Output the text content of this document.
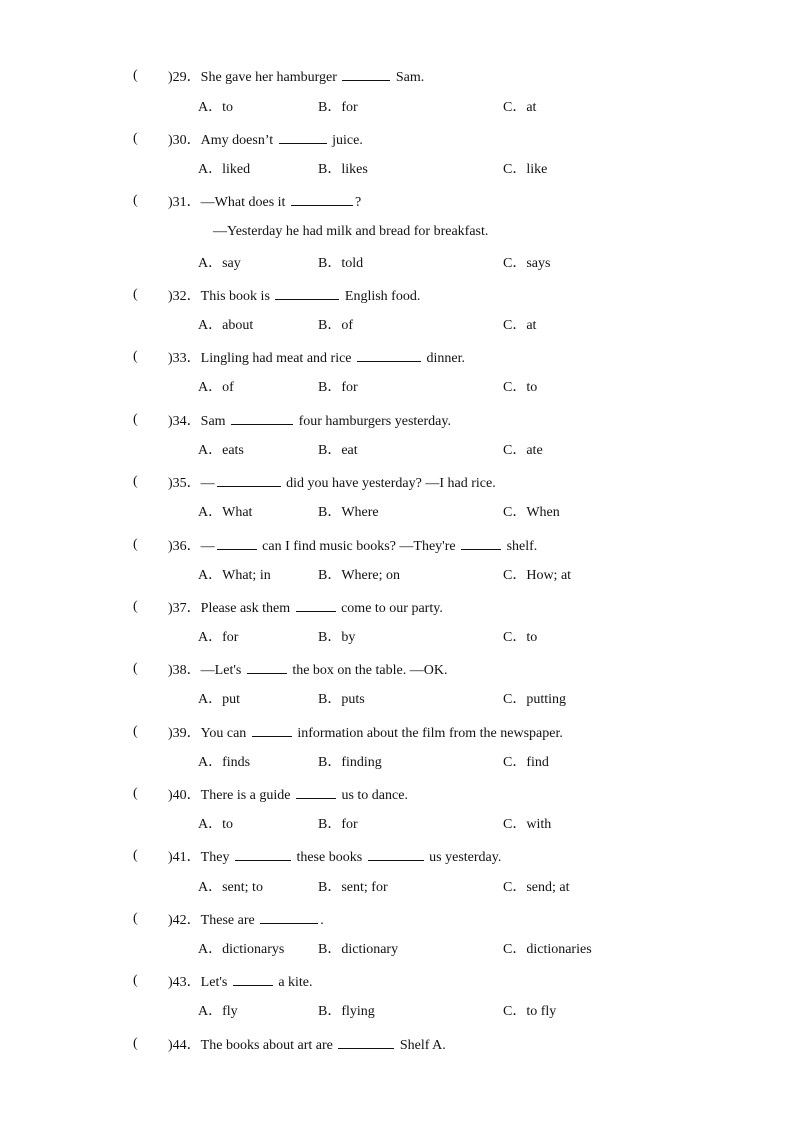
( )29．She gave her hamburger	Sam.
A．to	B．for	C．at
( )30．Amy doesn’t	juice.
A．liked	B．likes	C．like
( )31．—What does it	?
—Yesterday he had milk and bread for breakfast.
A．say	B．told	C．says
( )32．This book is	English food.
A．about	B．of	C．at
( )33．Lingling had meat and rice	dinner.
A．of	B．for	C．to
( )34．Sam	four hamburgers yesterday.
A．eats	B．eat	C．ate
( )35．—	did you have yesterday? —I had rice.
A．What	B．Where	C．When
( )36．—	can I find music books? —They're	shelf.
A．What; in	B．Where; on	C．How; at
( )37．Please ask them	come to our party.
A．for	B．by	C．to
( )38．—Let's	the box on the table. —OK.
A．put	B．puts	C．putting
( )39．You can	information about the film from the newspaper.
A．finds	B．finding	C．find
( )40．There is a guide	us to dance.
A．to	B．for	C．with
( )41．They	these books	us yesterday.
A．sent; to	B．sent; for	C．send; at
( )42．These are	.
A．dictionarys B．dictionary	C．dictionaries
( )43．Let's	a kite.
A．fly	B．flying	C．to fly
( )44．The books about art are	Shelf A.
